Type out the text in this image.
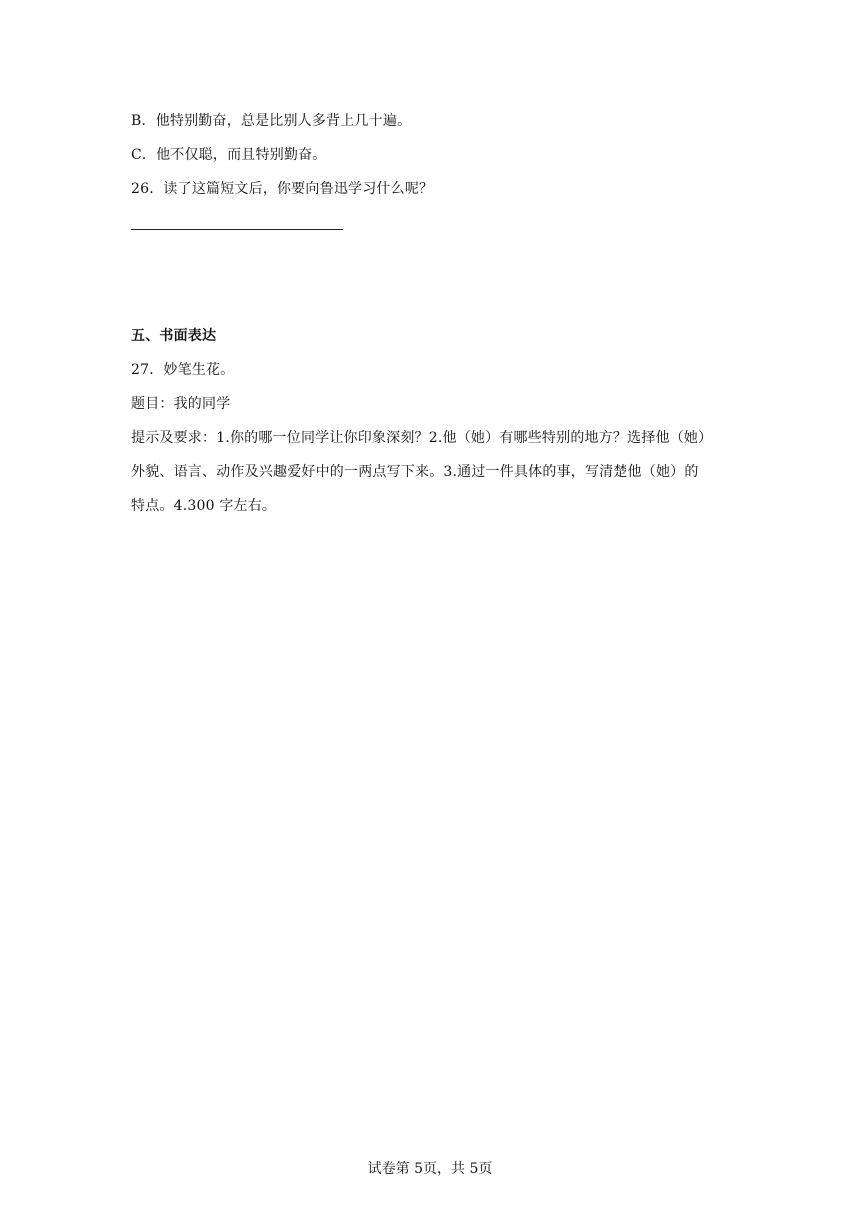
B．他特别勤奋，总是比别人多背上几十遍。
C．他不仅聪，而且特别勤奋。
26．读了这篇短文后，你要向鲁迅学习什么呢？
五、书面表达
27．妙笔生花。
题目：我的同学
提示及要求：1.你的哪一位同学让你印象深刻？2.他（她）有哪些特别的地方？选择他（她）
外貌、语言、动作及兴趣爱好中的一两点写下来。3.通过一件具体的事，写清楚他（她）的
特点。4.300 字左右。
试卷第 5页，共 5页
